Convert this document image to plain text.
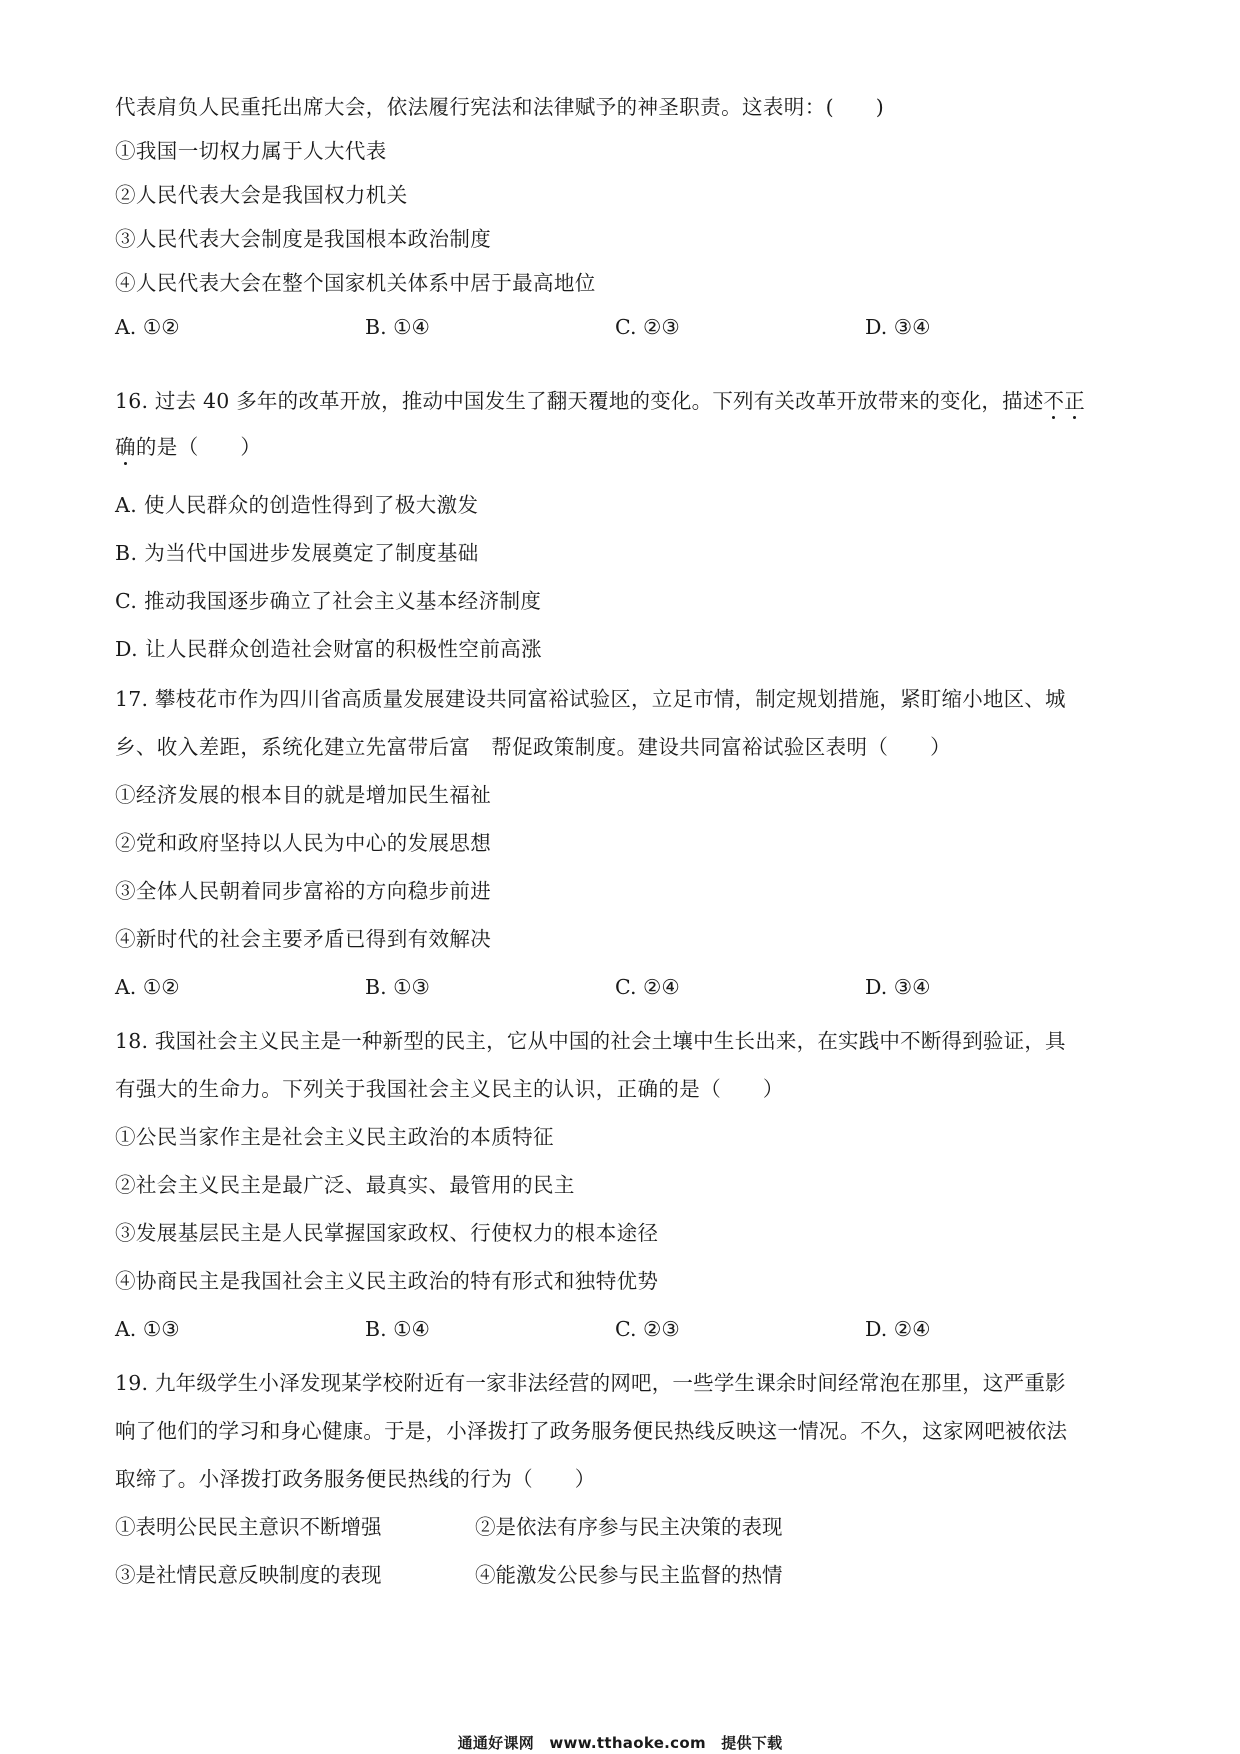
代表肩负人民重托出席大会，依法履行宪法和法律赋予的神圣职责。这表明：(　　)
①我国一切权力属于人大代表
②人民代表大会是我国权力机关
③人民代表大会制度是我国根本政治制度
④人民代表大会在整个国家机关体系中居于最高地位
A. ①②	B. ①④	C. ②③	D. ③④
16. 过去 40 多年的改革开放，推动中国发生了翻天覆地的变化。下列有关改革开放带来的变化，描述不正
确的是（　　）
A. 使人民群众的创造性得到了极大激发
B. 为当代中国进步发展奠定了制度基础
C. 推动我国逐步确立了社会主义基本经济制度
D. 让人民群众创造社会财富的积极性空前高涨
17. 攀枝花市作为四川省高质量发展建设共同富裕试验区，立足市情，制定规划措施，紧盯缩小地区、城
乡、收入差距，系统化建立先富带后富　帮促政策制度。建设共同富裕试验区表明（　　）
①经济发展的根本目的就是增加民生福祉
②党和政府坚持以人民为中心的发展思想
③全体人民朝着同步富裕的方向稳步前进
④新时代的社会主要矛盾已得到有效解决
A. ①②	B. ①③	C. ②④	D. ③④
18. 我国社会主义民主是一种新型的民主，它从中国的社会土壤中生长出来，在实践中不断得到验证，具
有强大的生命力。下列关于我国社会主义民主的认识，正确的是（　　）
①公民当家作主是社会主义民主政治的本质特征
②社会主义民主是最广泛、最真实、最管用的民主
③发展基层民主是人民掌握国家政权、行使权力的根本途径
④协商民主是我国社会主义民主政治的特有形式和独特优势
A. ①③	B. ①④	C. ②③	D. ②④
19. 九年级学生小泽发现某学校附近有一家非法经营的网吧，一些学生课余时间经常泡在那里，这严重影
响了他们的学习和身心健康。于是，小泽拨打了政务服务便民热线反映这一情况。不久，这家网吧被依法
取缔了。小泽拨打政务服务便民热线的行为（　　）
①表明公民民主意识不断增强	②是依法有序参与民主决策的表现
③是社情民意反映制度的表现	④能激发公民参与民主监督的热情
通通好课网　www.tthaoke.com　提供下载
